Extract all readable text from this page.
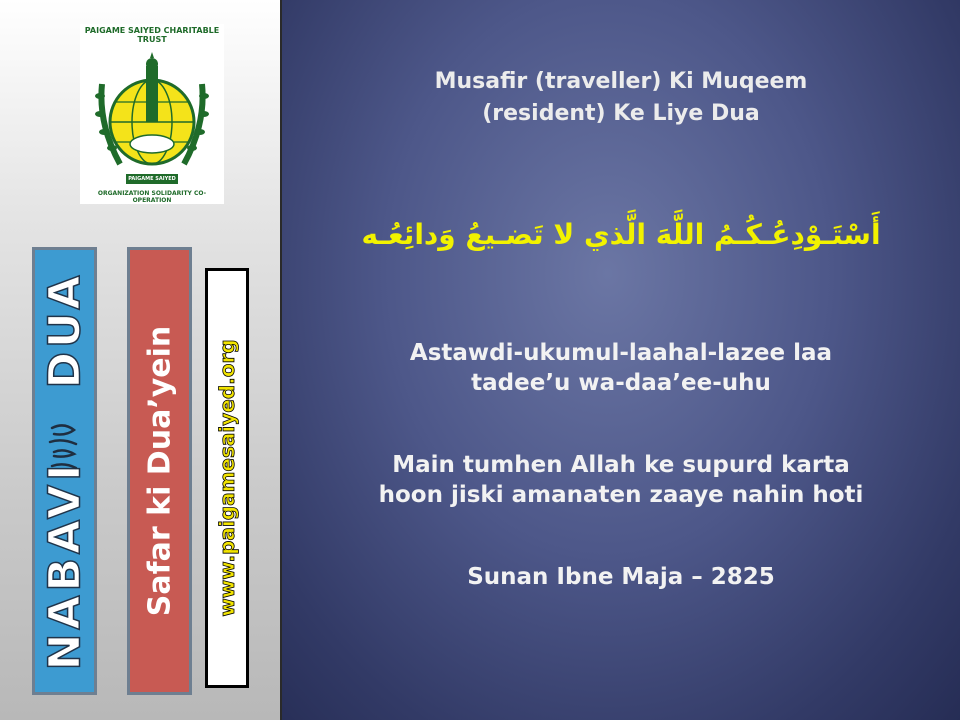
PAIGAME SAIYED CHARITABLE TRUST
PAIGAME SAIYED
ORGANIZATION SOLIDARITY CO-OPERATION
NABAVIDUA Safar ki Dua’yein www.paigamesaiyed.org
Musafir (traveller) Ki Muqeem
(resident) Ke Liye Dua
أَسْتَـوْدِعُـكُـمُ اللَّهَ الَّذي لا تَضـيعُ وَدائِعُـه
Astawdi-ukumul-laahal-lazee laa
tadee’u wa-daa’ee-uhu
Main tumhen Allah ke supurd karta
hoon jiski amanaten zaaye nahin hoti
Sunan Ibne Maja – 2825
